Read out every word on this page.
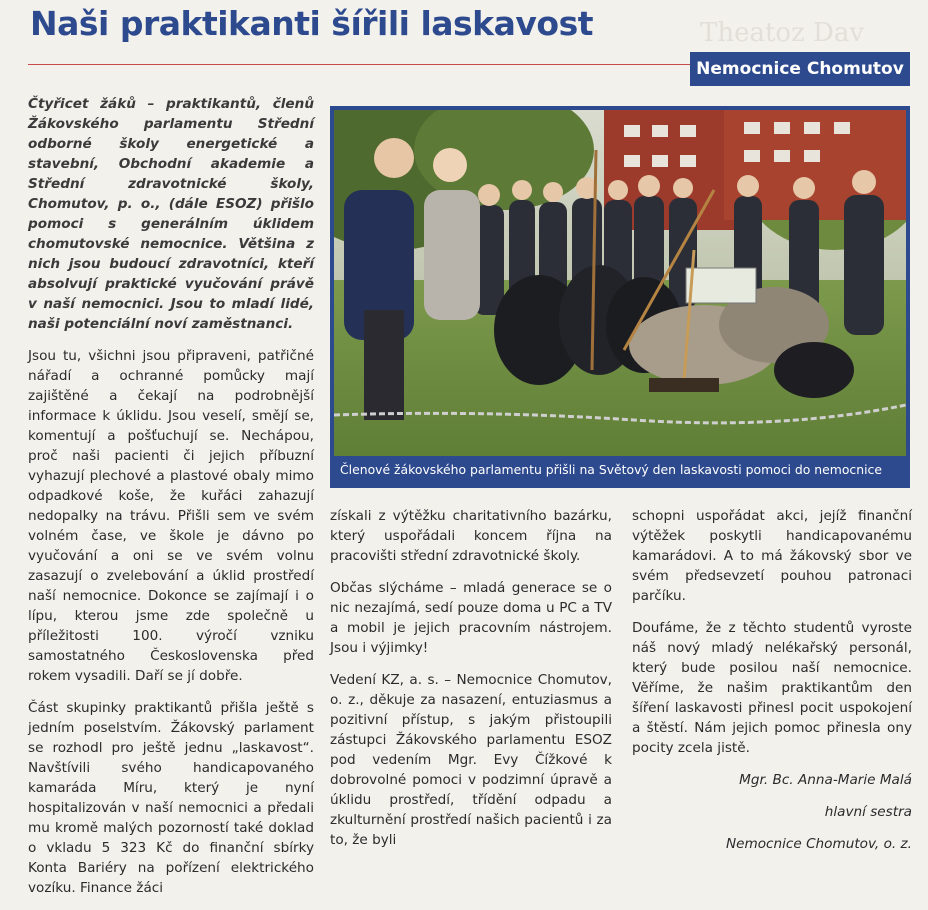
Theatoz Dav
Naši praktikanti šířili laskavost
Nemocnice Chomutov

Čtyřicet žáků – praktikantů, členů Žákovského parlamentu Střední odborné školy energetické a stavební, Obchodní akademie a Střední zdravotnické školy, Chomutov, p. o., (dále ESOZ) přišlo pomoci s generálním úklidem chomutovské nemocnice. Většina z nich jsou budoucí zdravotníci, kteří absolvují praktické vyučování právě v naší nemocnici. Jsou to mladí lidé, naši potenciální noví zaměstnanci.

Jsou tu, všichni jsou připraveni, patřičné nářadí a ochranné pomůcky mají zajištěné a čekají na podrobnější informace k úklidu. Jsou veselí, smějí se, komentují a pošťuchují se. Nechápou, proč naši pacienti či jejich příbuzní vyhazují plechové a plastové obaly mimo odpadkové koše, že kuřáci zahazují nedopalky na trávu. Přišli sem ve svém volném čase, ve škole je dávno po vyučování a oni se ve svém volnu zasazují o zvelebování a úklid prostředí naší nemocnice. Dokonce se zajímají i o lípu, kterou jsme zde společně u příležitosti 100. výročí vzniku samostatného Československa před rokem vysadili. Daří se jí dobře.

Část skupinky praktikantů přišla ještě s jedním poselstvím. Žákovský parlament se rozhodl pro ještě jednu „laskavost“. Navštívili svého handicapovaného kamaráda Míru, který je nyní hospitalizován v naší nemocnici a předali mu kromě malých pozorností také doklad o vkladu 5 323 Kč do finanční sbírky Konta Bariéry na pořízení elektrického vozíku. Finance žáci

Členové žákovského parlamentu přišli na Světový den laskavosti pomoci do nemocnice

získali z výtěžku charitativního bazárku, který uspořádali koncem října na pracovišti střední zdravotnické školy.

Občas slýcháme – mladá generace se o nic nezajímá, sedí pouze doma u PC a TV a mobil je jejich pracovním nástrojem. Jsou i výjimky!

Vedení KZ, a. s. – Nemocnice Chomutov, o. z., děkuje za nasazení, entuziasmus a pozitivní přístup, s jakým přistoupili zástupci Žákovského parlamentu ESOZ pod vedením Mgr. Evy Čížkové k dobrovolné pomoci v podzimní úpravě a úklidu prostředí, třídění odpadu a zkulturnění prostředí našich pacientů i za to, že byli

schopni uspořádat akci, jejíž finanční výtěžek poskytli handicapovanému kamarádovi. A to má žákovský sbor ve svém předsevzetí pouhou patronaci parčíku.

Doufáme, že z těchto studentů vyroste náš nový mladý nelékařský personál, který bude posilou naší nemocnice. Věříme, že našim praktikantům den šíření laskavosti přinesl pocit uspokojení a štěstí. Nám jejich pomoc přinesla ony pocity zcela jistě.

Mgr. Bc. Anna-Marie Malá

hlavní sestra

Nemocnice Chomutov, o. z.
